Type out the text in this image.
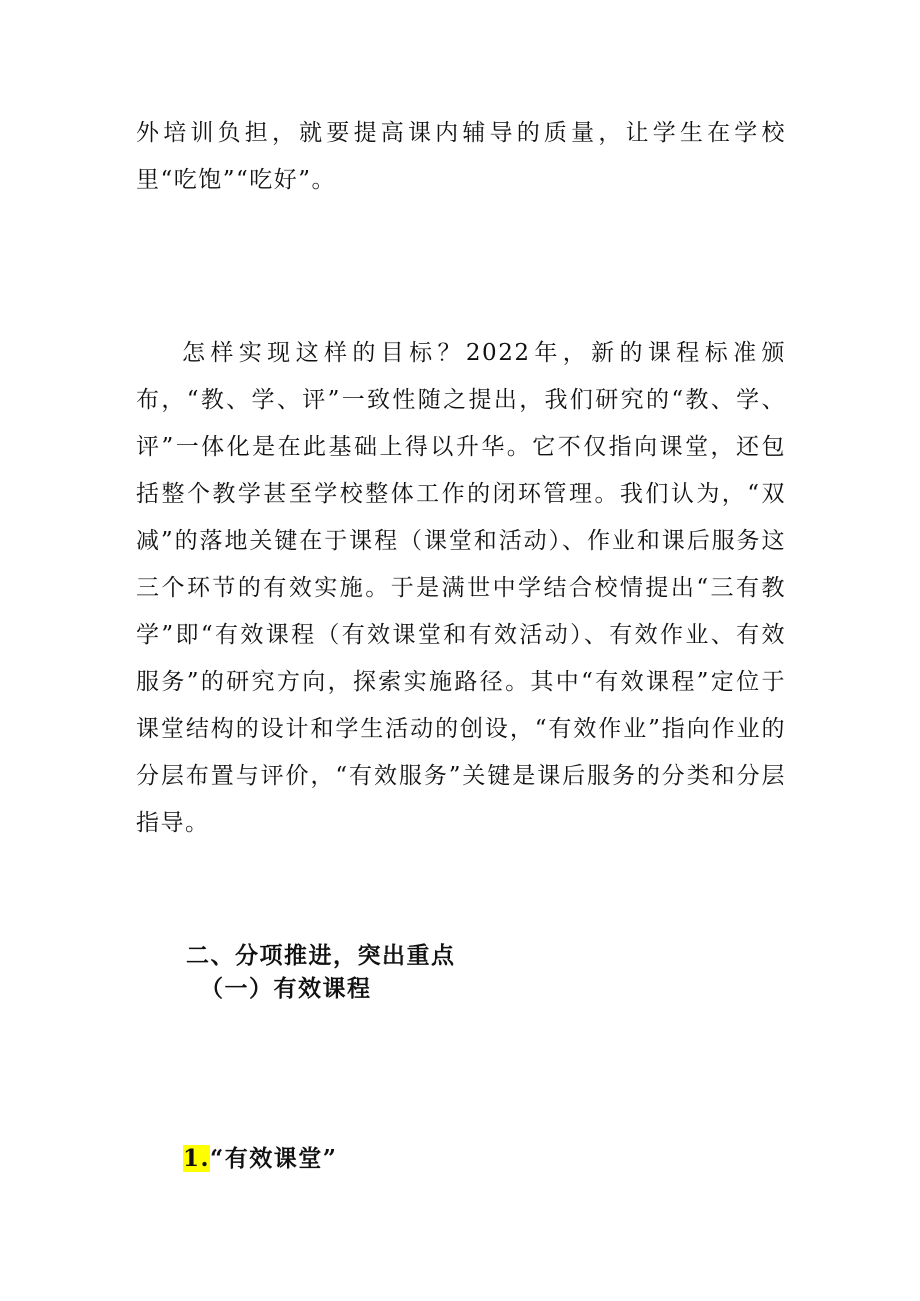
外培训负担，就要提高课内辅导的质量，让学生在学校里“吃饱”“吃好”。

怎样实现这样的目标？2022年，新的课程标准颁布，“教、学、评”一致性随之提出，我们研究的“教、学、评”一体化是在此基础上得以升华。它不仅指向课堂，还包括整个教学甚至学校整体工作的闭环管理。我们认为，“双减”的落地关键在于课程（课堂和活动）、作业和课后服务这三个环节的有效实施。于是满世中学结合校情提出“三有教学”即“有效课程（有效课堂和有效活动）、有效作业、有效服务”的研究方向，探索实施路径。其中“有效课程”定位于课堂结构的设计和学生活动的创设，“有效作业”指向作业的分层布置与评价，“有效服务”关键是课后服务的分类和分层指导。

二、分项推进，突出重点
（一）有效课程
1.“有效课堂”
